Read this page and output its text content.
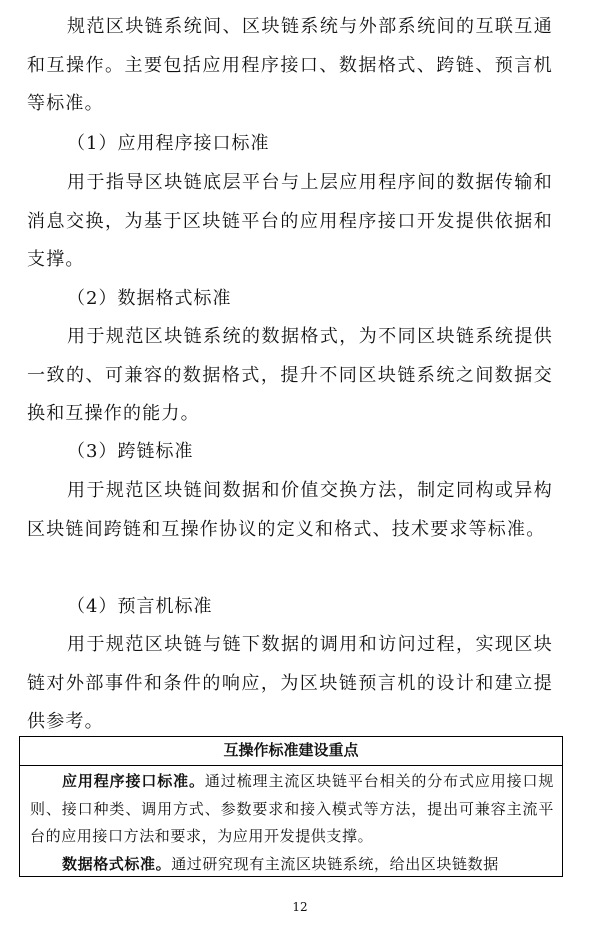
规范区块链系统间、区块链系统与外部系统间的互联互通和互操作。主要包括应用程序接口、数据格式、跨链、预言机等标准。

（1）应用程序接口标准

用于指导区块链底层平台与上层应用程序间的数据传输和消息交换，为基于区块链平台的应用程序接口开发提供依据和支撑。

（2）数据格式标准

用于规范区块链系统的数据格式，为不同区块链系统提供一致的、可兼容的数据格式，提升不同区块链系统之间数据交换和互操作的能力。

（3）跨链标准

用于规范区块链间数据和价值交换方法，制定同构或异构区块链间跨链和互操作协议的定义和格式、技术要求等标准。

（4）预言机标准

用于规范区块链与链下数据的调用和访问过程，实现区块链对外部事件和条件的响应，为区块链预言机的设计和建立提供参考。

互操作标准建设重点

应用程序接口标准。通过梳理主流区块链平台相关的分布式应用接口规则、接口种类、调用方式、参数要求和接入模式等方法，提出可兼容主流平台的应用接口方法和要求，为应用开发提供支撑。

数据格式标准。通过研究现有主流区块链系统，给出区块链数据

12
